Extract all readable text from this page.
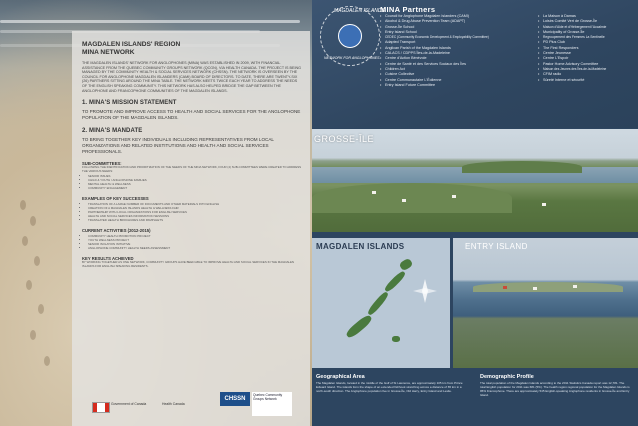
MAGDALEN ISLANDS' REGION
MINA NETWORK
THE MAGDALEN ISLANDS' NETWORK FOR ANGLOPHONES (MINA) WAS ESTABLISHED IN 2009, WITH FINANCIAL ASSISTANCE FROM THE QUEBEC COMMUNITY GROUPS NETWORK (QCGN), VIA HEALTH CANADA. THE PROJECT IS BEING MANAGED BY THE COMMUNITY HEALTH & SOCIAL SERVICES NETWORK (CHSSN). THE NETWORK IS OVERSEEN BY THE COUNCIL FOR ANGLOPHONE MAGDALEN ISLANDERS (CAMI) BOARD OF DIRECTORS. TO DATE, THERE ARE TWENTY-SIX (26) PARTNERS SITTING AROUND THE MINA TABLE. THE NETWORK MEETS TWICE EACH YEAR TO ADDRESS THE NEEDS OF THE ENGLISH SPEAKING COMMUNITY. THIS NETWORK HAS ALSO HELPED BRIDGE THE GAP BETWEEN THE ANGLOPHONE AND FRANCOPHONE COMMUNITIES OF THE MAGDALEN ISLANDS.
1. MINA'S MISSION STATEMENT
TO PROMOTE AND IMPROVE ACCESS TO HEALTH AND SOCIAL SERVICES FOR THE ANGLOPHONE POPULATION OF THE MAGDALEN ISLANDS.
2. MINA'S MANDATE
TO BRING TOGETHER KEY INDIVIDUALS INCLUDING REPRESENTATIVES FROM LOCAL ORGANIZATIONS AND RELATED INSTITUTIONS AND HEALTH AND SOCIAL SERVICES PROFESSIONALS.
SUB-COMMITTEES:
FOLLOWING THE IDENTIFICATION AND PRIORITIZATION OF THE NEEDS OF THE MINA NETWORK, FOUR (4) SUB-COMMITTEES WERE CREATED TO ADDRESS THE VARIOUS NEEDS:
• SENIOR ISSUES
• CHILD & YOUTH / ANGLOPHONE FAMILIES
• MENTAL HEALTH & WELLNESS
• COMMUNITY ENGAGEMENT
EXAMPLES OF KEY SUCCESSES
• TRANSLATION OF A LARGE NUMBER OF DOCUMENTS AND OTHER MATERIALS INTO ENGLISH
• CREATION OF A MAGDALEN ISLANDS HEALTH & WELLNESS FAIR
• PARTNERSHIP WITH LOCAL ORGANIZATIONS FOR ENGLISH SERVICES
• HEALTH AND SOCIAL SERVICES INFORMATION SESSIONS
• TRANSLATED HEALTH BROCHURES AND PAMPHLETS
CURRENT ACTIVITIES (2012-2015)
• COMMUNITY HEALTH PROMOTION PROJECT
• YOUTH WELLNESS PROJECT
• SENIOR ISOLATION INITIATIVE
• ANGLOPHONE COMMUNITY HEALTH NEEDS ASSESSMENT
KEY RESULTS ACHIEVED
BY WORKING TOGETHER AS ONE NETWORK, COMMUNITY GROUPS HAVE BEEN ABLE TO IMPROVE HEALTH AND SOCIAL SERVICES IN THE MAGDALEN ISLANDS FOR ENGLISH SPEAKING RESIDENTS.
Government of Canada	Health Canada
CHSSN
Quebec Community Groups Network
MAGDALEN ISLANDS
NETWORK FOR ANGLOPHONES
MINA Partners
• Council for Anglophone Magdalen Islanders (CAMI)
• Alcohol & Drug Abuse Prevention Team (ADAPT)
• Grosse-Île School
• Entry Island School
• CEDEC (Community Economic Development & Employability Committee)
• Adapted Transport
• Anglican Parish of the Magdalen Islands
• CALACS / CDPPS Îles-de-la-Madeleine
• Centre d'Action Bénévole
• Centre de Santé et des Services Sociaux des Îles
• Children Act
• Cuisine Collective
• Centre Communautaire L'Éolienne
• Entry Island Future Committee
• La Maison à Damas
• Loisirs Comité Vert de Grosse-Île
• Maison d'Aide et d'Hébergement l'Accalmie
• Municipality of Grosse-Île
• Regroupement des Femmes La Sentinelle
• PD Plus Club
• The First Responders
• Centre Jeunesse
• Centre L'Espoir
• Pastor Home Advisory Committee
• Maison des Jeunes des Îles-de-la-Madeleine
• CFIM radio
• Sûreté Interne et sécurité
GROSSE-ÎLE
MAGDALEN ISLANDS	ENTRY ISLAND
Geographical Area
The Magdalen Islands, located in the middle of the Gulf of St Lawrence, are approximately 105 km from Prince Edward Island. The islands form the shape of an extended fishhook stretching across a distance of 65 km in a north-south direction. The Anglophone population live in Grosse-Île, Old Harry, Entry Island and Leslie.
Demographic Profile
The total population of the Magdalen Islands according to the 2011 Statistics Canada report was 12,781. The total English population for 2011 was 681 (5%). The health region regional population for the Magdalen Islands is 95% Francophone. There are approximately 545 English-speaking Anglophone residents in Grosse-Île and Entry Island.
